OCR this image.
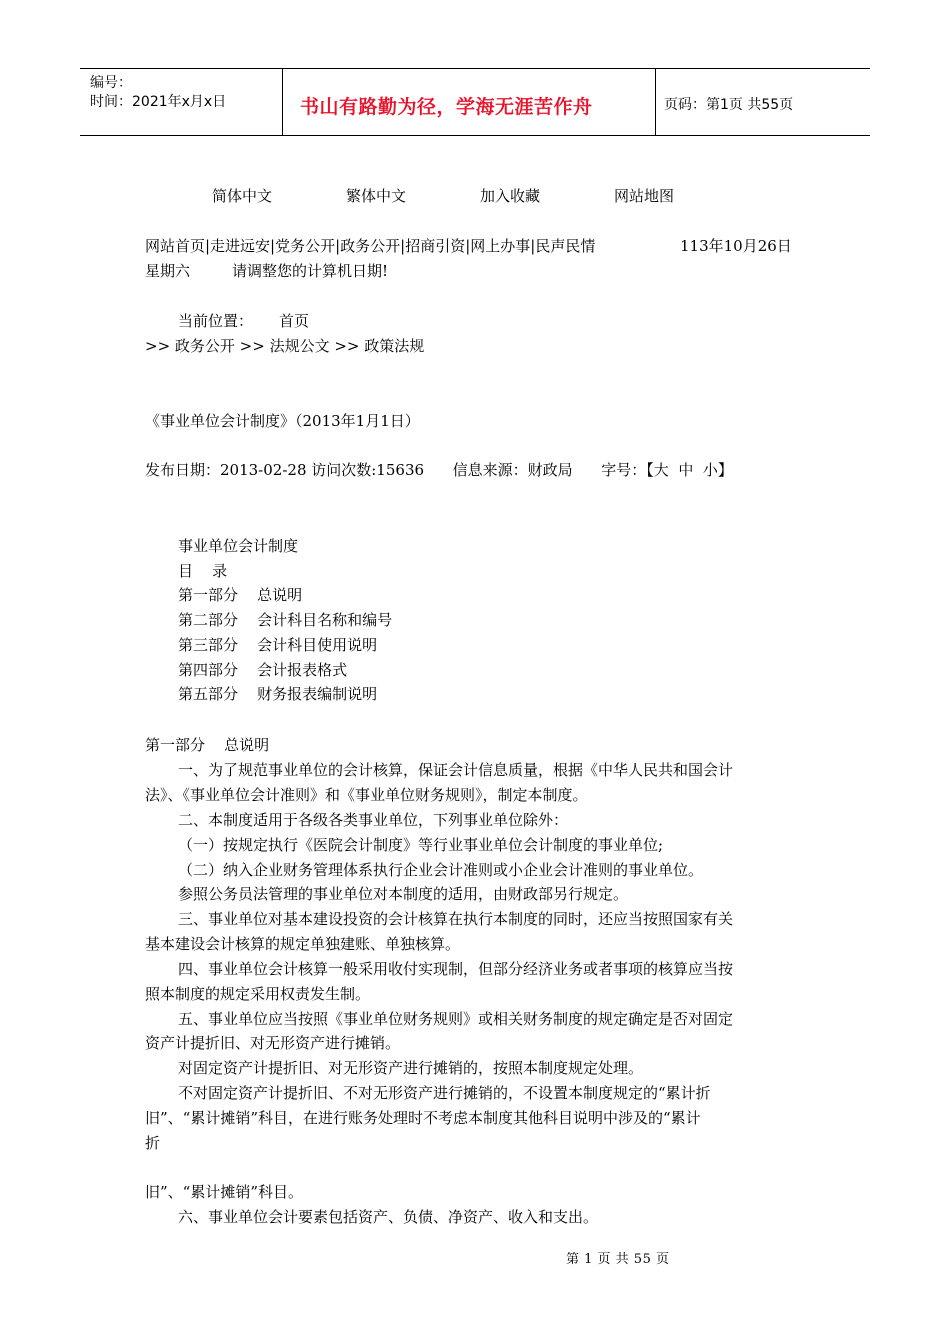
编号：
时间：2021年x月x日	书山有路勤为径，学海无涯苦作舟	页码：第1页 共55页
简体中文	繁体中文	加入收藏	网站地图
网站首页|走进远安|党务公开|政务公开|招商引资|网上办事|民声民情	113年10月26日
星期六	请调整您的计算机日期!
当前位置： 首页
>> 政务公开 >> 法规公文 >> 政策法规
《事业单位会计制度》（2013年1月1日）
发布日期：2013-02-28 访问次数:15636      信息来源：财政局      字号：【大 中 小】
事业单位会计制度
目    录
第一部分    总说明
第二部分    会计科目名称和编号
第三部分    会计科目使用说明
第四部分    会计报表格式
第五部分    财务报表编制说明
第一部分    总说明
一、为了规范事业单位的会计核算，保证会计信息质量，根据《中华人民共和国会计
法》、《事业单位会计准则》和《事业单位财务规则》，制定本制度。
二、本制度适用于各级各类事业单位，下列事业单位除外：
（一）按规定执行《医院会计制度》等行业事业单位会计制度的事业单位;
（二）纳入企业财务管理体系执行企业会计准则或小企业会计准则的事业单位。
参照公务员法管理的事业单位对本制度的适用，由财政部另行规定。
三、事业单位对基本建设投资的会计核算在执行本制度的同时，还应当按照国家有关
基本建设会计核算的规定单独建账、单独核算。
四、事业单位会计核算一般采用收付实现制，但部分经济业务或者事项的核算应当按
照本制度的规定采用权责发生制。
五、事业单位应当按照《事业单位财务规则》或相关财务制度的规定确定是否对固定
资产计提折旧、对无形资产进行摊销。
对固定资产计提折旧、对无形资产进行摊销的，按照本制度规定处理。
不对固定资产计提折旧、不对无形资产进行摊销的，不设置本制度规定的“累计折
旧”、“累计摊销”科目，在进行账务处理时不考虑本制度其他科目说明中涉及的“累计
折
旧”、“累计摊销”科目。
六、事业单位会计要素包括资产、负债、净资产、收入和支出。
第 1 页 共 55 页
